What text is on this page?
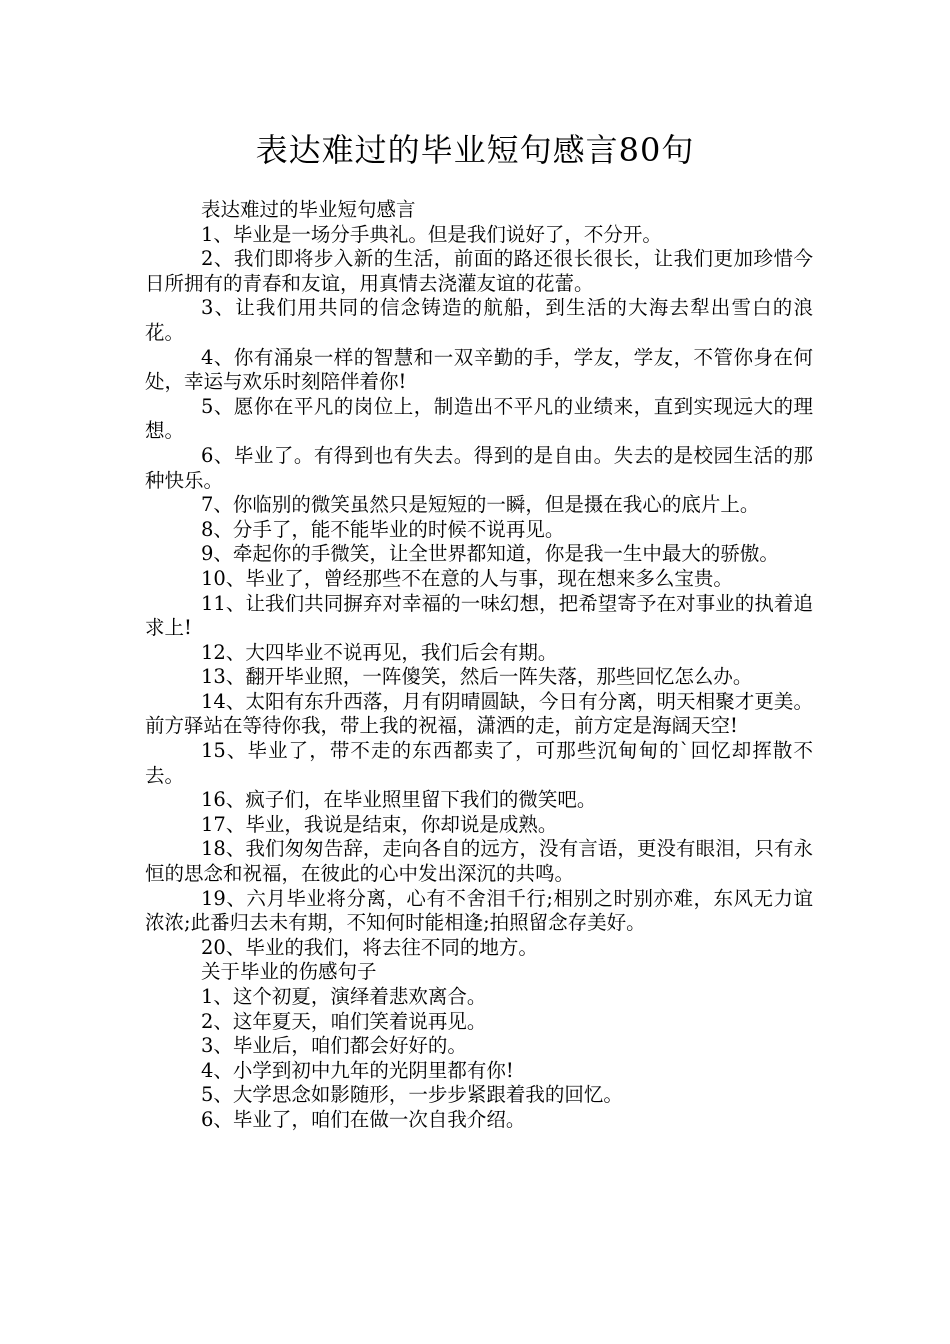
表达难过的毕业短句感言80句

表达难过的毕业短句感言

1、毕业是一场分手典礼。但是我们说好了，不分开。

2、我们即将步入新的生活，前面的路还很长很长，让我们更加珍惜今日所拥有的青春和友谊，用真情去浇灌友谊的花蕾。

3、让我们用共同的信念铸造的航船，到生活的大海去犁出雪白的浪花。

4、你有涌泉一样的智慧和一双辛勤的手，学友，学友，不管你身在何处，幸运与欢乐时刻陪伴着你!

5、愿你在平凡的岗位上，制造出不平凡的业绩来，直到实现远大的理想。

6、毕业了。有得到也有失去。得到的是自由。失去的是校园生活的那种快乐。

7、你临别的微笑虽然只是短短的一瞬，但是摄在我心的底片上。

8、分手了，能不能毕业的时候不说再见。

9、牵起你的手微笑，让全世界都知道，你是我一生中最大的骄傲。

10、毕业了，曾经那些不在意的人与事，现在想来多么宝贵。

11、让我们共同摒弃对幸福的一味幻想，把希望寄予在对事业的执着追求上!

12、大四毕业不说再见，我们后会有期。

13、翻开毕业照，一阵傻笑，然后一阵失落，那些回忆怎么办。

14、太阳有东升西落，月有阴晴圆缺，今日有分离，明天相聚才更美。前方驿站在等待你我，带上我的祝福，潇洒的走，前方定是海阔天空!

15、毕业了，带不走的东西都卖了，可那些沉甸甸的`回忆却挥散不去。

16、疯子们，在毕业照里留下我们的微笑吧。

17、毕业，我说是结束，你却说是成熟。

18、我们匆匆告辞，走向各自的远方，没有言语，更没有眼泪，只有永恒的思念和祝福，在彼此的心中发出深沉的共鸣。

19、六月毕业将分离，心有不舍泪千行;相别之时别亦难，东风无力谊浓浓;此番归去未有期，不知何时能相逢;拍照留念存美好。

20、毕业的我们，将去往不同的地方。

关于毕业的伤感句子

1、这个初夏，演绎着悲欢离合。

2、这年夏天，咱们笑着说再见。

3、毕业后，咱们都会好好的。

4、小学到初中九年的光阴里都有你!

5、大学思念如影随形，一步步紧跟着我的回忆。

6、毕业了，咱们在做一次自我介绍。
